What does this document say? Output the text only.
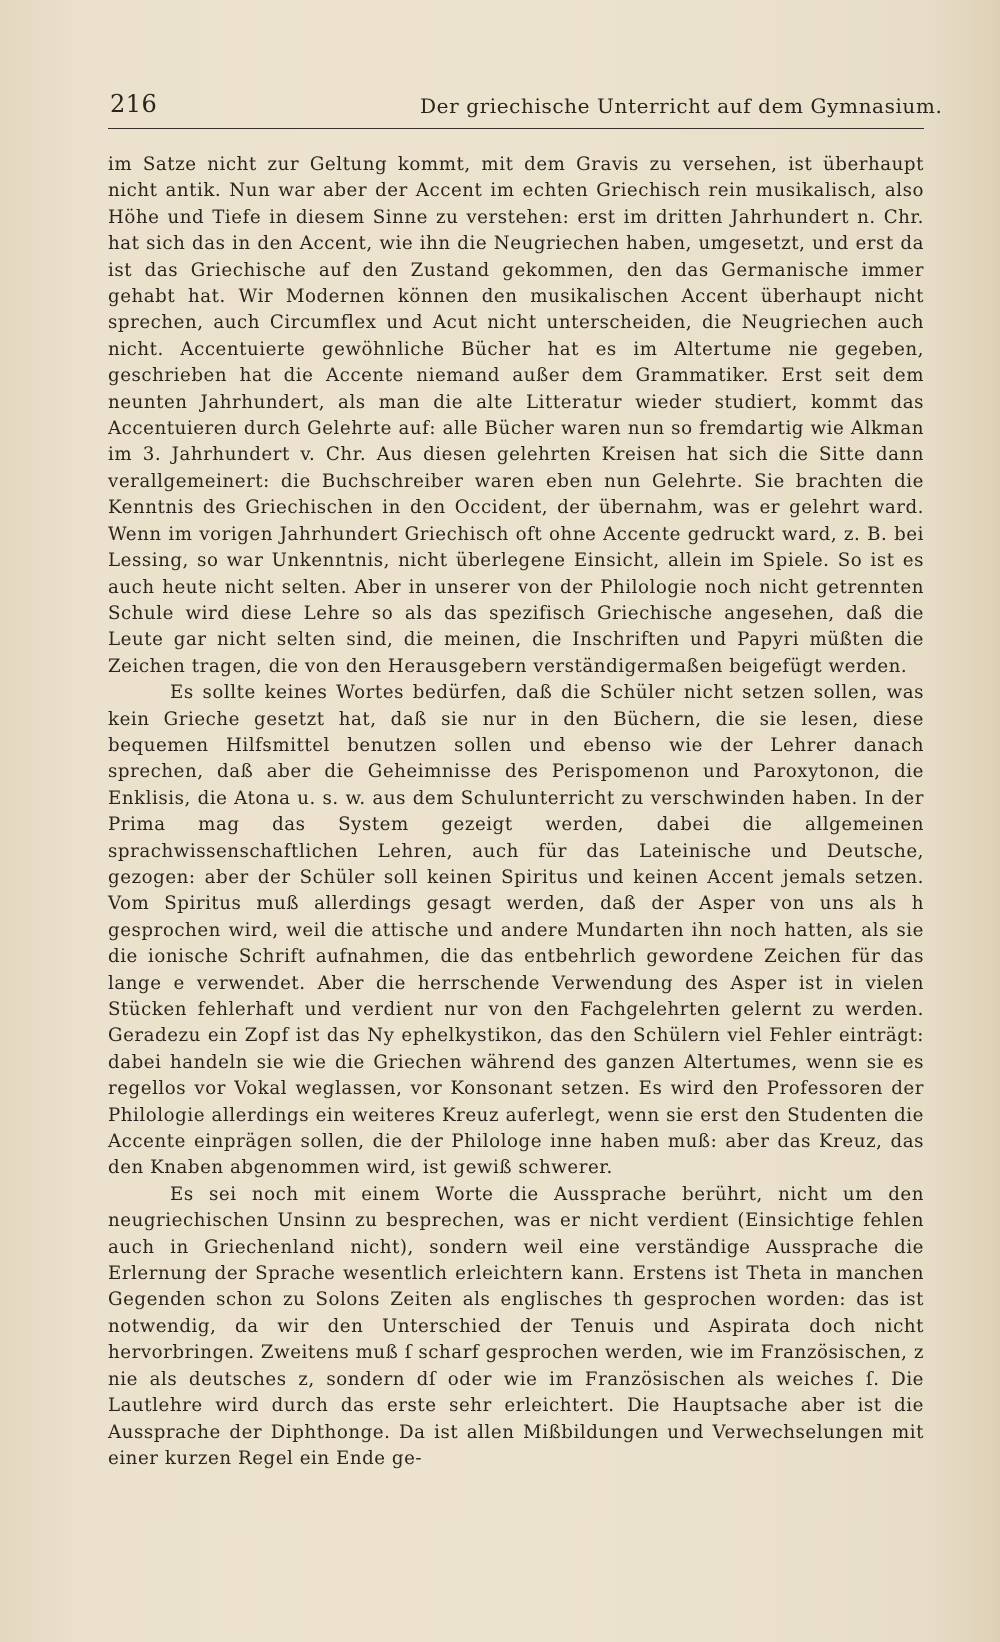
216	Der griechische Unterricht auf dem Gymnasium.

im Satze nicht zur Geltung kommt, mit dem Gravis zu versehen, ist überhaupt nicht antik. Nun war aber der Accent im echten Griechisch rein musikalisch, also Höhe und Tiefe in diesem Sinne zu verstehen: erst im dritten Jahrhundert n. Chr. hat sich das in den Accent, wie ihn die Neugriechen haben, umgesetzt, und erst da ist das Griechische auf den Zustand gekommen, den das Germanische immer gehabt hat. Wir Modernen können den musikalischen Accent überhaupt nicht sprechen, auch Circumflex und Acut nicht unterscheiden, die Neugriechen auch nicht. Accentuierte gewöhnliche Bücher hat es im Altertume nie gegeben, geschrieben hat die Accente niemand außer dem Grammatiker. Erst seit dem neunten Jahrhundert, als man die alte Litteratur wieder studiert, kommt das Accentuieren durch Gelehrte auf: alle Bücher waren nun so fremdartig wie Alkman im 3. Jahrhundert v. Chr. Aus diesen gelehrten Kreisen hat sich die Sitte dann verallgemeinert: die Buchschreiber waren eben nun Gelehrte. Sie brachten die Kenntnis des Griechischen in den Occident, der übernahm, was er gelehrt ward. Wenn im vorigen Jahrhundert Griechisch oft ohne Accente gedruckt ward, z. B. bei Lessing, so war Unkenntnis, nicht überlegene Einsicht, allein im Spiele. So ist es auch heute nicht selten. Aber in unserer von der Philologie noch nicht getrennten Schule wird diese Lehre so als das spezifisch Griechische angesehen, daß die Leute gar nicht selten sind, die meinen, die Inschriften und Papyri müßten die Zeichen tragen, die von den Herausgebern verständigermaßen beigefügt werden.

Es sollte keines Wortes bedürfen, daß die Schüler nicht setzen sollen, was kein Grieche gesetzt hat, daß sie nur in den Büchern, die sie lesen, diese bequemen Hilfsmittel benutzen sollen und ebenso wie der Lehrer danach sprechen, daß aber die Geheimnisse des Perispomenon und Paroxytonon, die Enklisis, die Atona u. s. w. aus dem Schulunterricht zu verschwinden haben. In der Prima mag das System gezeigt werden, dabei die allgemeinen sprachwissenschaftlichen Lehren, auch für das Lateinische und Deutsche, gezogen: aber der Schüler soll keinen Spiritus und keinen Accent jemals setzen. Vom Spiritus muß allerdings gesagt werden, daß der Asper von uns als h gesprochen wird, weil die attische und andere Mundarten ihn noch hatten, als sie die ionische Schrift aufnahmen, die das entbehrlich gewordene Zeichen für das lange e verwendet. Aber die herrschende Verwendung des Asper ist in vielen Stücken fehlerhaft und verdient nur von den Fachgelehrten gelernt zu werden. Geradezu ein Zopf ist das Ny ephelkystikon, das den Schülern viel Fehler einträgt: dabei handeln sie wie die Griechen während des ganzen Altertumes, wenn sie es regellos vor Vokal weglassen, vor Konsonant setzen. Es wird den Professoren der Philologie allerdings ein weiteres Kreuz auferlegt, wenn sie erst den Studenten die Accente einprägen sollen, die der Philologe inne haben muß: aber das Kreuz, das den Knaben abgenommen wird, ist gewiß schwerer.

Es sei noch mit einem Worte die Aussprache berührt, nicht um den neugriechischen Unsinn zu besprechen, was er nicht verdient (Einsichtige fehlen auch in Griechenland nicht), sondern weil eine verständige Aussprache die Erlernung der Sprache wesentlich erleichtern kann. Erstens ist Theta in manchen Gegenden schon zu Solons Zeiten als englisches th gesprochen worden: das ist notwendig, da wir den Unterschied der Tenuis und Aspirata doch nicht hervorbringen. Zweitens muß ſ scharf gesprochen werden, wie im Französischen, z nie als deutsches z, sondern dſ oder wie im Französischen als weiches ſ. Die Lautlehre wird durch das erste sehr erleichtert. Die Hauptsache aber ist die Aussprache der Diphthonge. Da ist allen Mißbildungen und Verwechselungen mit einer kurzen Regel ein Ende ge-
